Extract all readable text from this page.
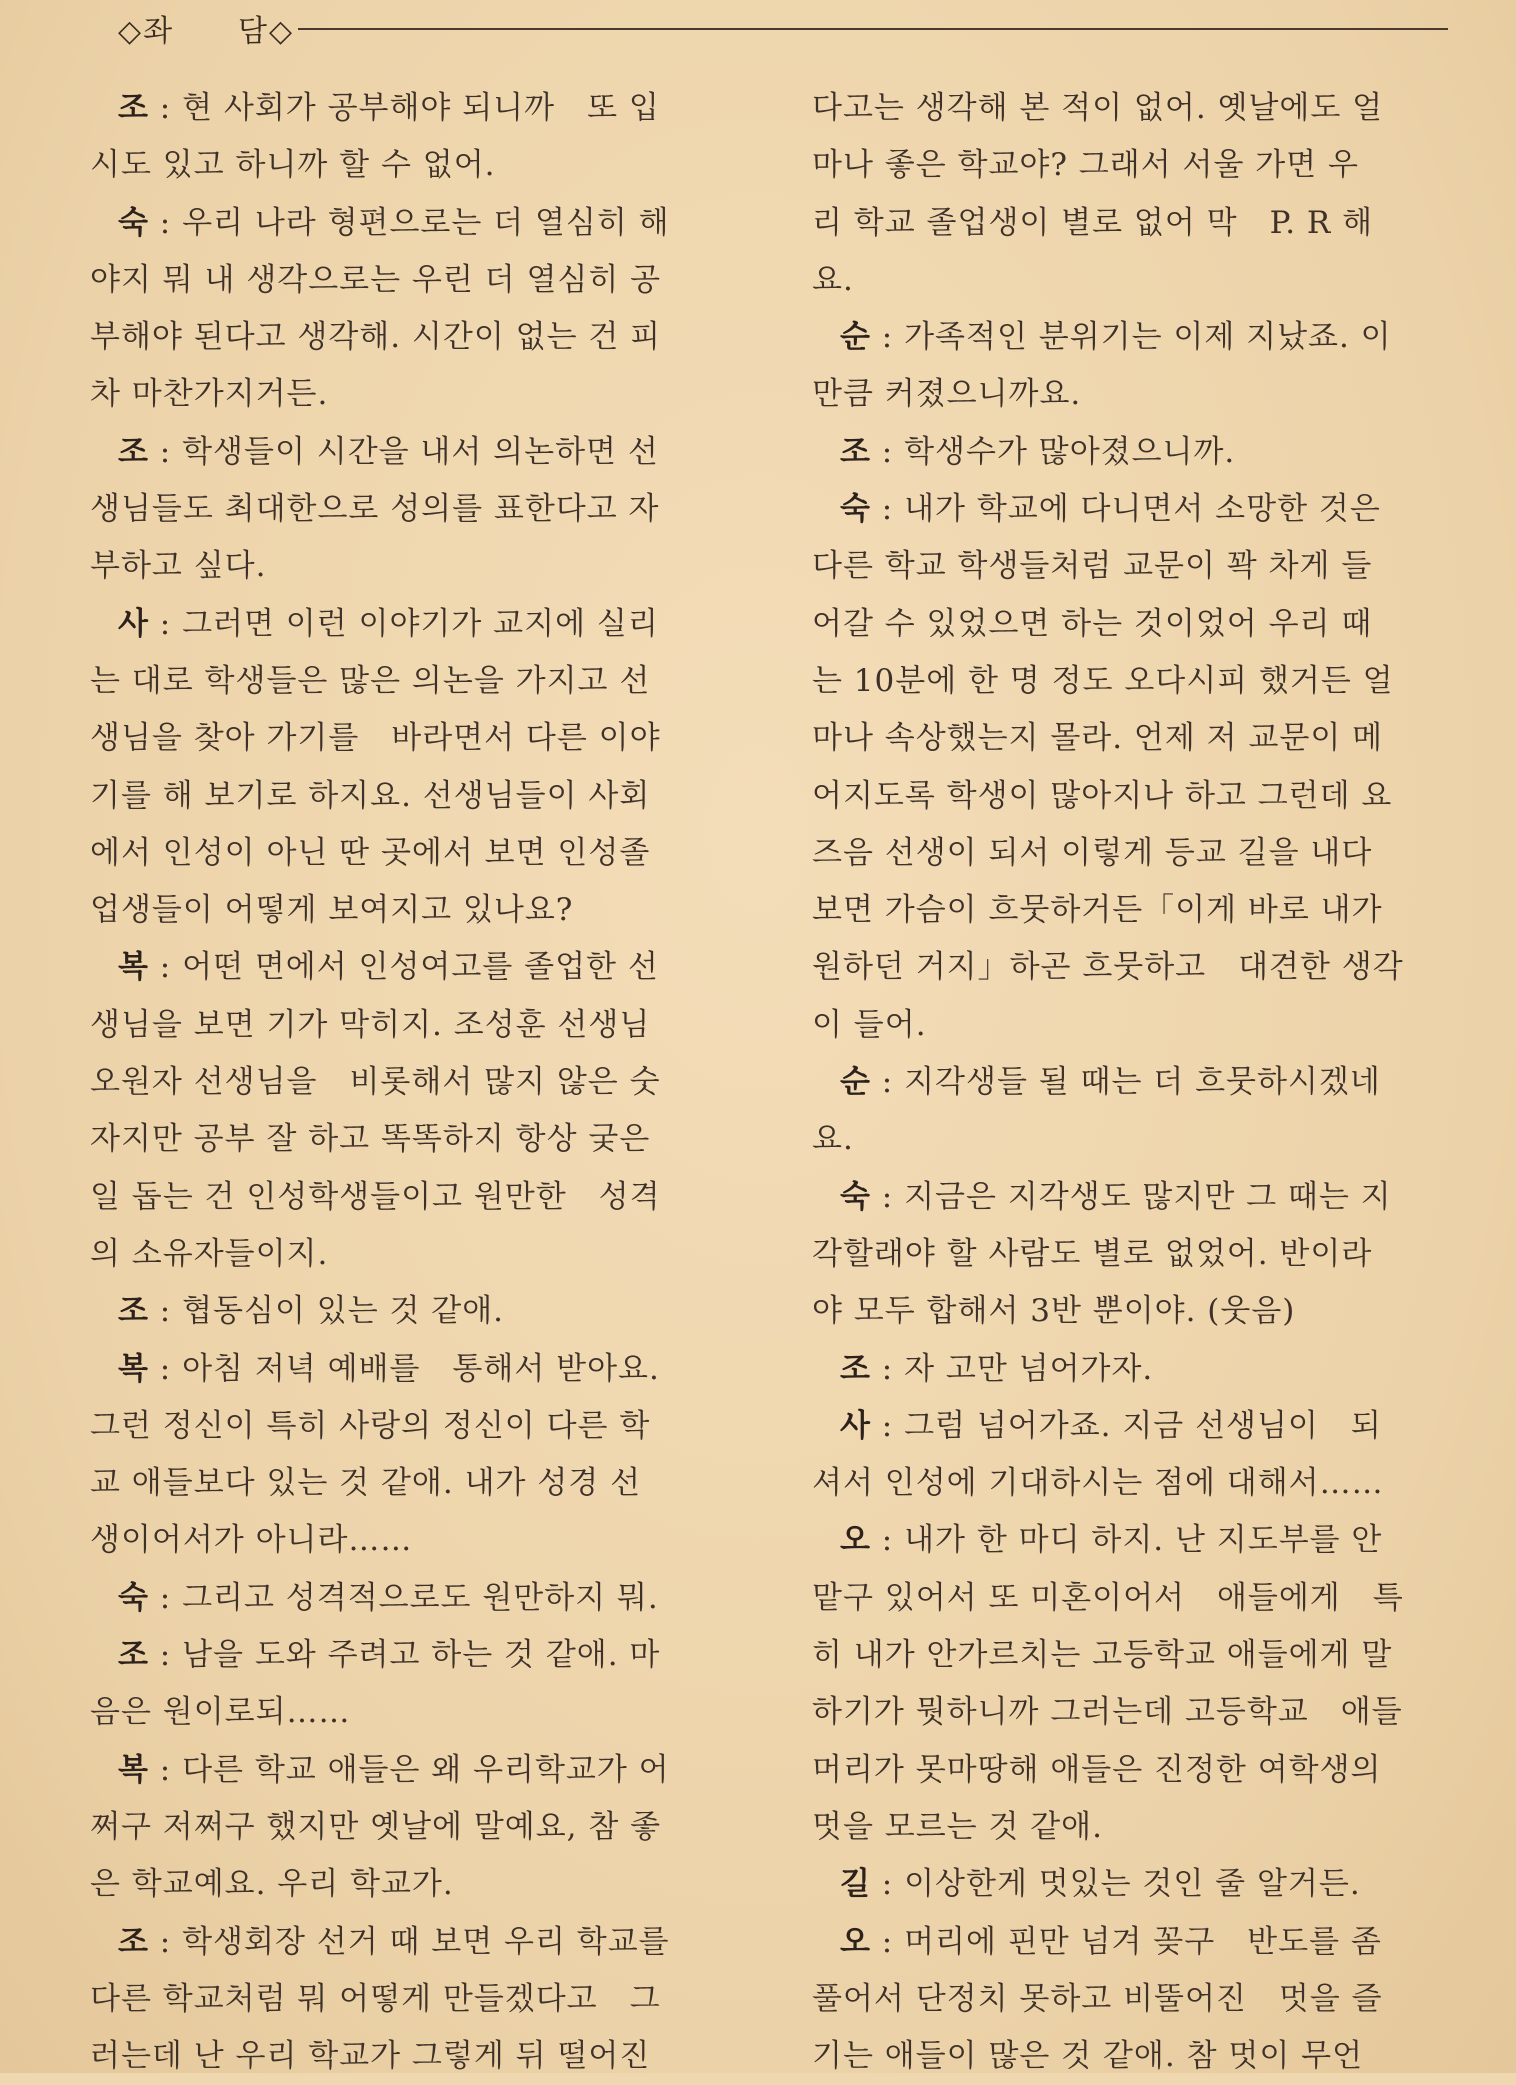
◇좌　　담◇
조 : 현 사회가 공부해야 되니까　또 입
시도 있고 하니까 할 수 없어.
숙 : 우리 나라 형편으로는 더 열심히 해
야지 뭐 내 생각으로는 우린 더 열심히 공
부해야 된다고 생각해. 시간이 없는 건 피
차 마찬가지거든.
조 : 학생들이 시간을 내서 의논하면 선
생님들도 최대한으로 성의를 표한다고 자
부하고 싶다.
사 : 그러면 이런 이야기가 교지에 실리
는 대로 학생들은 많은 의논을 가지고 선
생님을 찾아 가기를　바라면서 다른 이야
기를 해 보기로 하지요. 선생님들이 사회
에서 인성이 아닌 딴 곳에서 보면 인성졸
업생들이 어떻게 보여지고 있나요?
복 : 어떤 면에서 인성여고를 졸업한 선
생님을 보면 기가 막히지. 조성훈 선생님
오원자 선생님을　비롯해서 많지 않은 숫
자지만 공부 잘 하고 똑똑하지 항상 궂은
일 돕는 건 인성학생들이고 원만한　성격
의 소유자들이지.
조 : 협동심이 있는 것 같애.
복 : 아침 저녁 예배를　통해서 받아요.
그런 정신이 특히 사랑의 정신이 다른 학
교 애들보다 있는 것 같애. 내가 성경 선
생이어서가 아니라……
숙 : 그리고 성격적으로도 원만하지 뭐.
조 : 남을 도와 주려고 하는 것 같애. 마
음은 원이로되……
복 : 다른 학교 애들은 왜 우리학교가 어
쩌구 저쩌구 했지만 옛날에 말예요, 참 좋
은 학교예요. 우리 학교가.
조 : 학생회장 선거 때 보면 우리 학교를
다른 학교처럼 뭐 어떻게 만들겠다고　그
러는데 난 우리 학교가 그렇게 뒤 떨어진
다고는 생각해 본 적이 없어. 옛날에도 얼
마나 좋은 학교야? 그래서 서울 가면 우
리 학교 졸업생이 별로 없어 막　P. R 해
요.
순 : 가족적인 분위기는 이제 지났죠. 이
만큼 커졌으니까요.
조 : 학생수가 많아졌으니까.
숙 : 내가 학교에 다니면서 소망한 것은
다른 학교 학생들처럼 교문이 꽉 차게 들
어갈 수 있었으면 하는 것이었어 우리 때
는 10분에 한 명 정도 오다시피 했거든 얼
마나 속상했는지 몰라. 언제 저 교문이 메
어지도록 학생이 많아지나 하고 그런데 요
즈음 선생이 되서 이렇게 등교 길을 내다
보면 가슴이 흐뭇하거든「이게 바로 내가
원하던 거지」하곤 흐뭇하고　대견한 생각
이 들어.
순 : 지각생들 될 때는 더 흐뭇하시겠네
요.
숙 : 지금은 지각생도 많지만 그 때는 지
각할래야 할 사람도 별로 없었어. 반이라
야 모두 합해서 3반 뿐이야. (웃음)
조 : 자 고만 넘어가자.
사 : 그럼 넘어가죠. 지금 선생님이　되
셔서 인성에 기대하시는 점에 대해서……
오 : 내가 한 마디 하지. 난 지도부를 안
맡구 있어서 또 미혼이어서　애들에게　특
히 내가 안가르치는 고등학교 애들에게 말
하기가 뭣하니까 그러는데 고등학교　애들
머리가 못마땅해 애들은 진정한 여학생의
멋을 모르는 것 같애.
길 : 이상한게 멋있는 것인 줄 알거든.
오 : 머리에 핀만 넘겨 꽂구　반도를 좀
풀어서 단정치 못하고 비뚤어진　멋을 즐
기는 애들이 많은 것 같애. 참 멋이 무언
